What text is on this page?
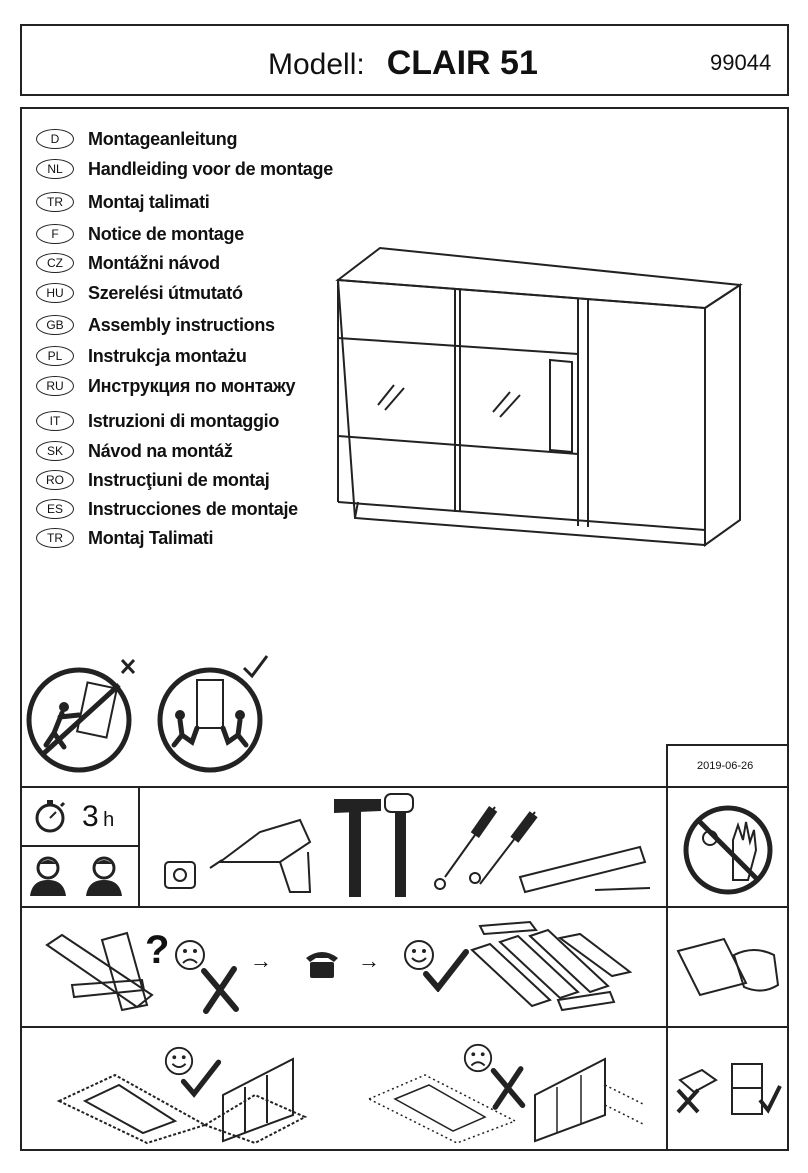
Modell: CLAIR 51	99044
D	Montageanleitung
NL	Handleiding voor de montage
TR	Montaj talimati
F	Notice de montage
CZ	Montážni návod
HU	Szerelési útmutató
GB	Assembly instructions
PL	Instrukcja montażu
RU	Инструкция по монтажу
IT	Istruzioni di montaggio
SK	Návod na montáž
RO	Instrucţiuni de montaj
ES	Instrucciones de montaje
TR	Montaj Talimati
2019-06-26
3 h
?	→	→
